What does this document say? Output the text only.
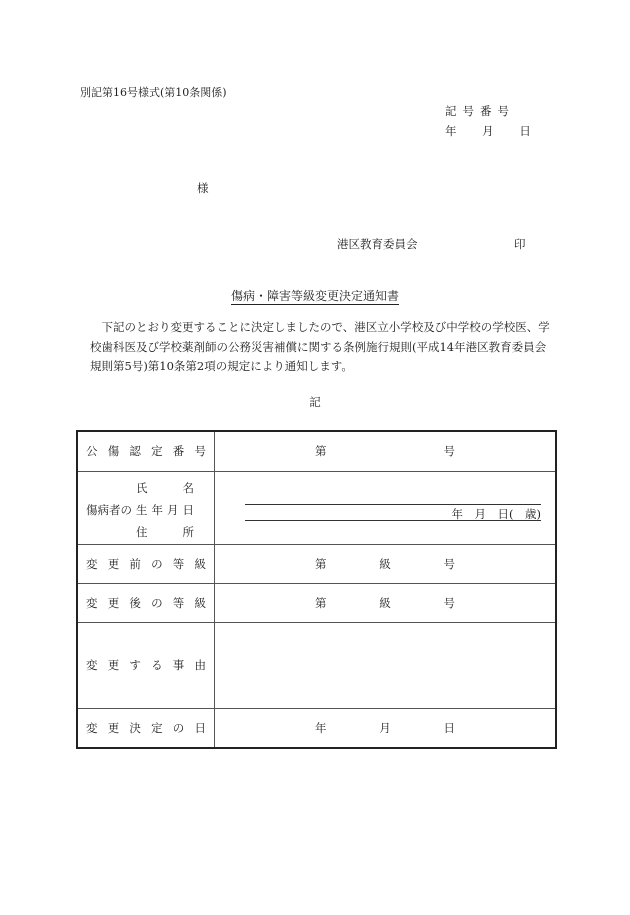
別記第16号様式(第10条関係)
記号番号
年 月 日
様
港区教育委員会	印
傷病・障害等級変更決定通知書

　下記のとおり変更することに決定しましたので、港区立小学校及び中学校の学校医、学校歯科医及び学校薬剤師の公務災害補償に関する条例施行規則(平成14年港区教育委員会規則第5号)第10条第2項の規定により通知します。

記
公傷認定番号	第 号

傷病者の
氏名
生年月日
住所	年　月　日(　歳)

変更前の等級	第 級 号

変更後の等級	第 級 号

変更する事由	
変更決定の日	年 月 日
